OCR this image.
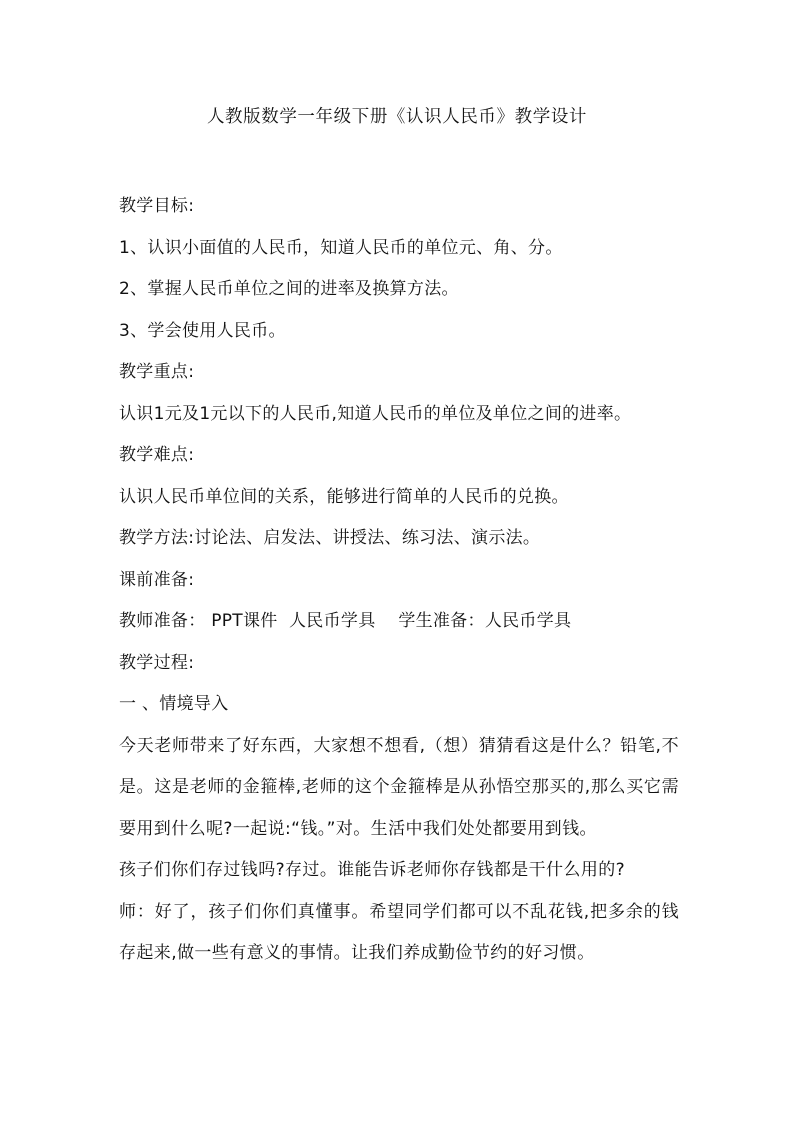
人教版数学一年级下册《认识人民币》教学设计
教学目标:
1、认识小面值的人民币，知道人民币的单位元、角、分。
2、掌握人民币单位之间的进率及换算方法。
3、学会使用人民币。
教学重点:
认识1元及1元以下的人民币,知道人民币的单位及单位之间的进率。
教学难点:
认识人民币单位间的关系，能够进行简单的人民币的兑换。
教学方法:讨论法、启发法、讲授法、练习法、演示法。
课前准备:
教师准备： PPT课件  人民币学具    学生准备：人民币学具
教学过程:
一 、情境导入

今天老师带来了好东西，大家想不想看,（想）猜猜看这是什么？铅笔,不是。这是老师的金箍棒,老师的这个金箍棒是从孙悟空那买的,那么买它需要用到什么呢?一起说:“钱。”对。生活中我们处处都要用到钱。

孩子们你们存过钱吗?存过。谁能告诉老师你存钱都是干什么用的?

师：好了，孩子们你们真懂事。希望同学们都可以不乱花钱,把多余的钱存起来,做一些有意义的事情。让我们养成勤俭节约的好习惯。
